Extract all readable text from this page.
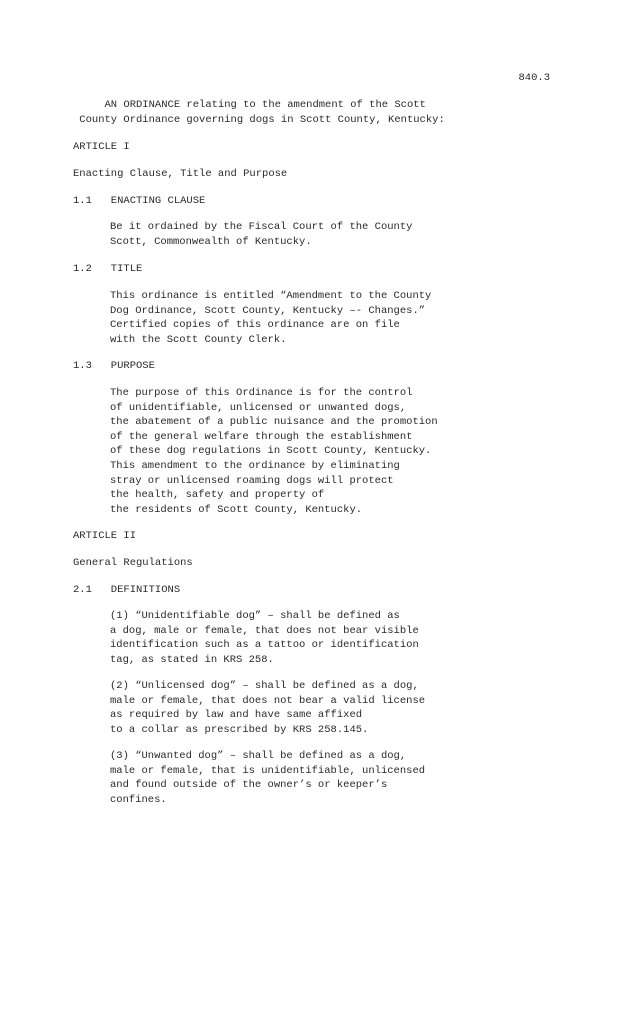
840.3
AN ORDINANCE relating to the amendment of the Scott
County Ordinance governing dogs in Scott County, Kentucky:
ARTICLE I
Enacting Clause, Title and Purpose
1.1   ENACTING CLAUSE
Be it ordained by the Fiscal Court of the County
Scott, Commonwealth of Kentucky.
1.2   TITLE
This ordinance is entitled “Amendment to the County
Dog Ordinance, Scott County, Kentucky –- Changes.”
Certified copies of this ordinance are on file
with the Scott County Clerk.
1.3   PURPOSE
The purpose of this Ordinance is for the control
of unidentifiable, unlicensed or unwanted dogs,
the abatement of a public nuisance and the promotion
of the general welfare through the establishment
of these dog regulations in Scott County, Kentucky.
This amendment to the ordinance by eliminating
stray or unlicensed roaming dogs will protect
the health, safety and property of
the residents of Scott County, Kentucky.
ARTICLE II
General Regulations
2.1   DEFINITIONS
(1) “Unidentifiable dog” – shall be defined as
a dog, male or female, that does not bear visible
identification such as a tattoo or identification
tag, as stated in KRS 258.
(2) “Unlicensed dog” – shall be defined as a dog,
male or female, that does not bear a valid license
as required by law and have same affixed
to a collar as prescribed by KRS 258.145.
(3) “Unwanted dog” – shall be defined as a dog,
male or female, that is unidentifiable, unlicensed
and found outside of the owner’s or keeper’s
confines.
